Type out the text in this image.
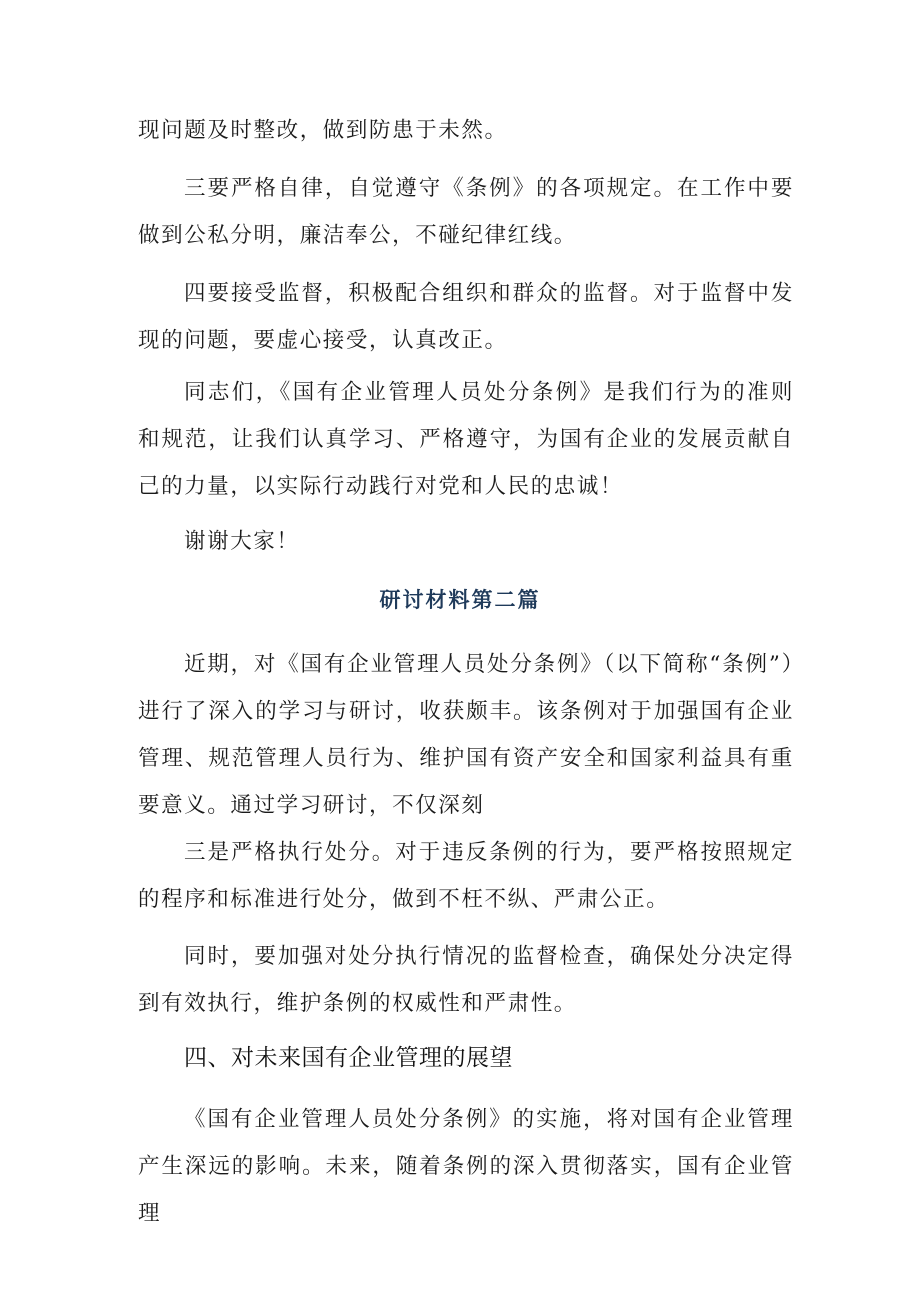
现问题及时整改，做到防患于未然。

三要严格自律，自觉遵守《条例》的各项规定。在工作中要做到公私分明，廉洁奉公，不碰纪律红线。

四要接受监督，积极配合组织和群众的监督。对于监督中发现的问题，要虚心接受，认真改正。

同志们，《国有企业管理人员处分条例》是我们行为的准则和规范，让我们认真学习、严格遵守，为国有企业的发展贡献自己的力量，以实际行动践行对党和人民的忠诚！

谢谢大家！

研讨材料第二篇

近期，对《国有企业管理人员处分条例》（以下简称“条例”）进行了深入的学习与研讨，收获颇丰。该条例对于加强国有企业管理、规范管理人员行为、维护国有资产安全和国家利益具有重要意义。通过学习研讨，不仅深刻

三是严格执行处分。对于违反条例的行为，要严格按照规定的程序和标准进行处分，做到不枉不纵、严肃公正。

同时，要加强对处分执行情况的监督检查，确保处分决定得到有效执行，维护条例的权威性和严肃性。

四、对未来国有企业管理的展望

《国有企业管理人员处分条例》的实施，将对国有企业管理产生深远的影响。未来，随着条例的深入贯彻落实，国有企业管理
